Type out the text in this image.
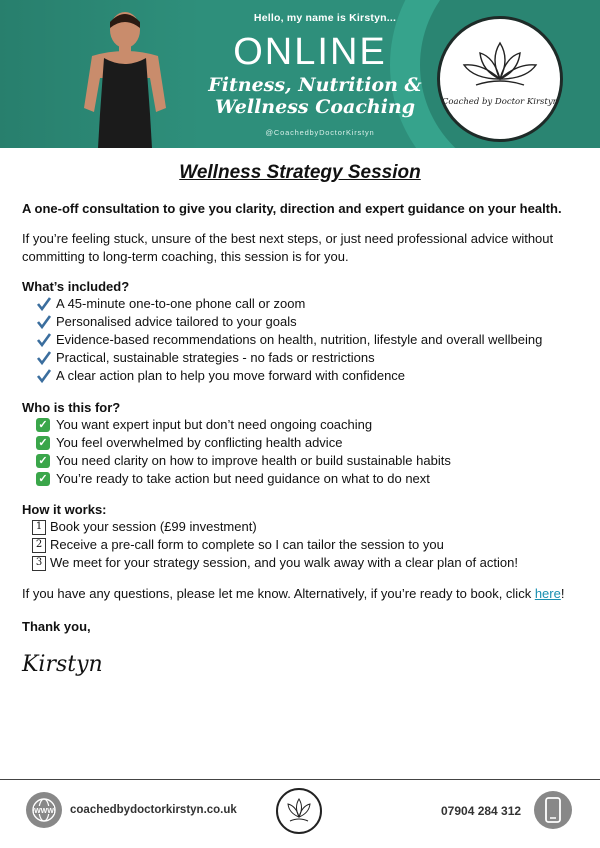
Hello, my name is Kirstyn...
ONLINE
Fitness, Nutrition &
Wellness Coaching
@CoachedbyDoctorKirstyn
Coached by Doctor Kirstyn
Wellness Strategy Session
A one-off consultation to give you clarity, direction and expert guidance on your health.
If you’re feeling stuck, unsure of the best next steps, or just need professional advice without committing to long-term coaching, this session is for you.
What’s included?
A 45-minute one-to-one phone call or zoom
Personalised advice tailored to your goals
Evidence-based recommendations on health, nutrition, lifestyle and overall wellbeing
Practical, sustainable strategies - no fads or restrictions
A clear action plan to help you move forward with confidence
Who is this for?
✓ You want expert input but don’t need ongoing coaching
✓ You feel overwhelmed by conflicting health advice
✓ You need clarity on how to improve health or build sustainable habits
✓ You’re ready to take action but need guidance on what to do next
How it works:
1 Book your session (£99 investment)
2 Receive a pre-call form to complete so I can tailor the session to you
3 We meet for your strategy session, and you walk away with a clear plan of action!
If you have any questions, please let me know. Alternatively, if you’re ready to book, click here!
Thank you,
Kirstyn
WWW coachedbydoctorkirstyn.co.uk	07904 284 312
